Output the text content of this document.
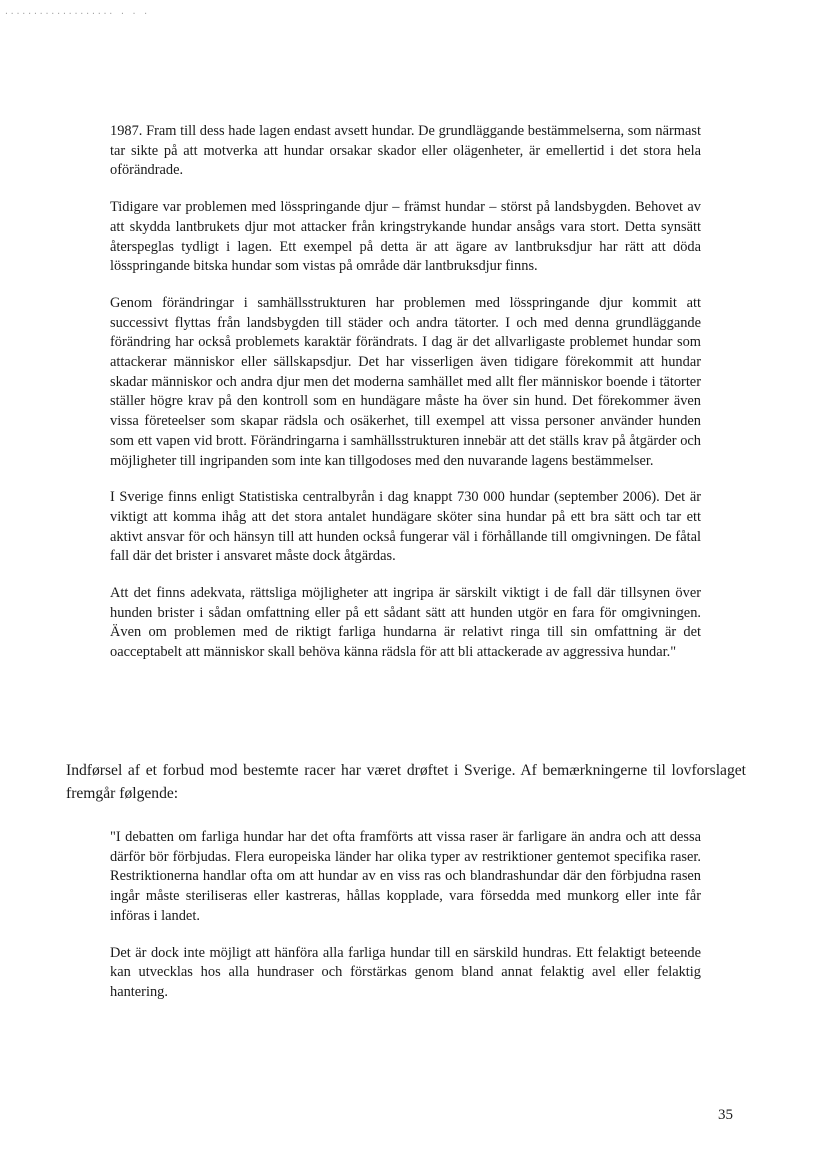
................... . . .

1987. Fram till dess hade lagen endast avsett hundar. De grundläggande bestämmelserna, som närmast tar sikte på att motverka att hundar orsakar skador eller olägenheter, är emellertid i det stora hela oförändrade.

Tidigare var problemen med lösspringande djur – främst hundar – störst på landsbygden. Behovet av att skydda lantbrukets djur mot attacker från kringstrykande hundar ansågs vara stort. Detta synsätt återspeglas tydligt i lagen. Ett exempel på detta är att ägare av lantbruksdjur har rätt att döda lösspringande bitska hundar som vistas på område där lantbruksdjur finns.

Genom förändringar i samhällsstrukturen har problemen med lösspringande djur kommit att successivt flyttas från landsbygden till städer och andra tätorter. I och med denna grundläggande förändring har också problemets karaktär förändrats. I dag är det allvarligaste problemet hundar som attackerar människor eller sällskapsdjur. Det har visserligen även tidigare förekommit att hundar skadar människor och andra djur men det moderna samhället med allt fler människor boende i tätorter ställer högre krav på den kontroll som en hundägare måste ha över sin hund. Det förekommer även vissa företeelser som skapar rädsla och osäkerhet, till exempel att vissa personer använder hunden som ett vapen vid brott. Förändringarna i samhällsstrukturen innebär att det ställs krav på åtgärder och möjligheter till ingripanden som inte kan tillgodoses med den nuvarande lagens bestämmelser.

I Sverige finns enligt Statistiska centralbyrån i dag knappt 730 000 hundar (september 2006). Det är viktigt att komma ihåg att det stora antalet hundägare sköter sina hundar på ett bra sätt och tar ett aktivt ansvar för och hänsyn till att hunden också fungerar väl i förhållande till omgivningen. De fåtal fall där det brister i ansvaret måste dock åtgärdas.

Att det finns adekvata, rättsliga möjligheter att ingripa är särskilt viktigt i de fall där tillsynen över hunden brister i sådan omfattning eller på ett sådant sätt att hunden utgör en fara för omgivningen. Även om problemen med de riktigt farliga hundarna är relativt ringa till sin omfattning är det oacceptabelt att människor skall behöva känna rädsla för att bli attackerade av aggressiva hundar."

Indførsel af et forbud mod bestemte racer har været drøftet i Sverige. Af bemærkningerne til lovforslaget fremgår følgende:

"I debatten om farliga hundar har det ofta framförts att vissa raser är farligare än andra och att dessa därför bör förbjudas. Flera europeiska länder har olika typer av restriktioner gentemot specifika raser. Restriktionerna handlar ofta om att hundar av en viss ras och blandrashundar där den förbjudna rasen ingår måste steriliseras eller kastreras, hållas kopplade, vara försedda med munkorg eller inte får införas i landet.

Det är dock inte möjligt att hänföra alla farliga hundar till en särskild hundras. Ett felaktigt beteende kan utvecklas hos alla hundraser och förstärkas genom bland annat felaktig avel eller felaktig hantering.

35
